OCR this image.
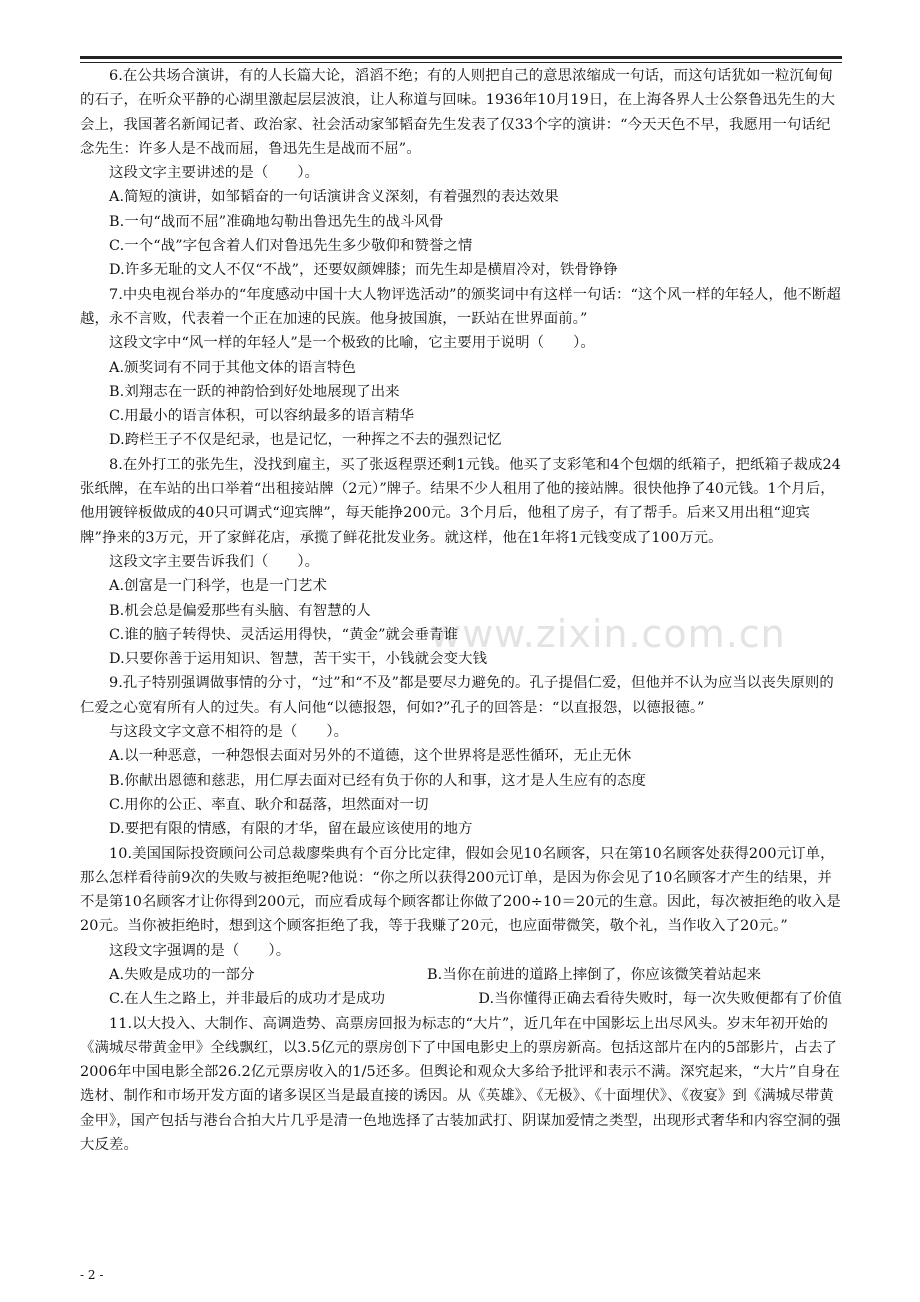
www.zixin.com.cn

6.在公共场合演讲，有的人长篇大论，滔滔不绝；有的人则把自己的意思浓缩成一句话，而这句话犹如一粒沉甸甸的石子，在听众平静的心湖里激起层层波浪，让人称道与回味。1936年10月19日，在上海各界人士公祭鲁迅先生的大会上，我国著名新闻记者、政治家、社会活动家邹韬奋先生发表了仅33个字的演讲：“今天天色不早，我愿用一句话纪念先生：许多人是不战而屈，鲁迅先生是战而不屈”。

这段文字主要讲述的是（　　）。

A.简短的演讲，如邹韬奋的一句话演讲含义深刻，有着强烈的表达效果

B.一句“战而不屈”准确地勾勒出鲁迅先生的战斗风骨

C.一个“战”字包含着人们对鲁迅先生多少敬仰和赞誉之情

D.许多无耻的文人不仅“不战”，还要奴颜婢膝；而先生却是横眉冷对，铁骨铮铮

7.中央电视台举办的“年度感动中国十大人物评选活动”的颁奖词中有这样一句话：“这个风一样的年轻人，他不断超越，永不言败，代表着一个正在加速的民族。他身披国旗，一跃站在世界面前。”

这段文字中“风一样的年轻人”是一个极致的比喻，它主要用于说明（　　）。

A.颁奖词有不同于其他文体的语言特色

B.刘翔志在一跃的神韵恰到好处地展现了出来

C.用最小的语言体积，可以容纳最多的语言精华

D.跨栏王子不仅是纪录，也是记忆，一种挥之不去的强烈记忆

8.在外打工的张先生，没找到雇主，买了张返程票还剩1元钱。他买了支彩笔和4个包烟的纸箱子，把纸箱子裁成24张纸牌，在车站的出口举着“出租接站牌（2元）”牌子。结果不少人租用了他的接站牌。很快他挣了40元钱。1个月后，他用镀锌板做成的40只可调式“迎宾牌”，每天能挣200元。3个月后，他租了房子，有了帮手。后来又用出租“迎宾牌”挣来的3万元，开了家鲜花店，承揽了鲜花批发业务。就这样，他在1年将1元钱变成了100万元。

这段文字主要告诉我们（　　）。

A.创富是一门科学，也是一门艺术

B.机会总是偏爱那些有头脑、有智慧的人

C.谁的脑子转得快、灵活运用得快，“黄金”就会垂青谁

D.只要你善于运用知识、智慧，苦干实干，小钱就会变大钱

9.孔子特别强调做事情的分寸，“过”和“不及”都是要尽力避免的。孔子提倡仁爱，但他并不认为应当以丧失原则的仁爱之心宽宥所有人的过失。有人问他“以德报怨，何如?”孔子的回答是：“以直报怨，以德报德。”

与这段文字文意不相符的是（　　）。

A.以一种恶意，一种怨恨去面对另外的不道德，这个世界将是恶性循环，无止无休

B.你献出恩德和慈悲，用仁厚去面对已经有负于你的人和事，这才是人生应有的态度

C.用你的公正、率直、耿介和磊落，坦然面对一切

D.要把有限的情感，有限的才华，留在最应该使用的地方

10.美国国际投资顾问公司总裁廖柴典有个百分比定律，假如会见10名顾客，只在第10名顾客处获得200元订单，那么怎样看待前9次的失败与被拒绝呢?他说：“你之所以获得200元订单，是因为你会见了10名顾客才产生的结果，并不是第10名顾客才让你得到200元，而应看成每个顾客都让你做了200÷10＝20元的生意。因此，每次被拒绝的收入是20元。当你被拒绝时，想到这个顾客拒绝了我，等于我赚了20元，也应面带微笑，敬个礼，当作收入了20元。”

这段文字强调的是（　　）。

A.失败是成功的一部分	B.当你在前进的道路上摔倒了，你应该微笑着站起来
C.在人生之路上，并非最后的成功才是成功	D.当你懂得正确去看待失败时，每一次失败便都有了价值

11.以大投入、大制作、高调造势、高票房回报为标志的“大片”，近几年在中国影坛上出尽风头。岁末年初开始的《满城尽带黄金甲》全线飘红，以3.5亿元的票房创下了中国电影史上的票房新高。包括这部片在内的5部影片，占去了2006年中国电影全部26.2亿元票房收入的1/5还多。但舆论和观众大多给予批评和表示不满。深究起来，“大片”自身在选材、制作和市场开发方面的诸多误区当是最直接的诱因。从《英雄》、《无极》、《十面埋伏》、《夜宴》到《满城尽带黄金甲》，国产包括与港台合拍大片几乎是清一色地选择了古装加武打、阴谋加爱情之类型，出现形式奢华和内容空洞的强大反差。

- 2 -
